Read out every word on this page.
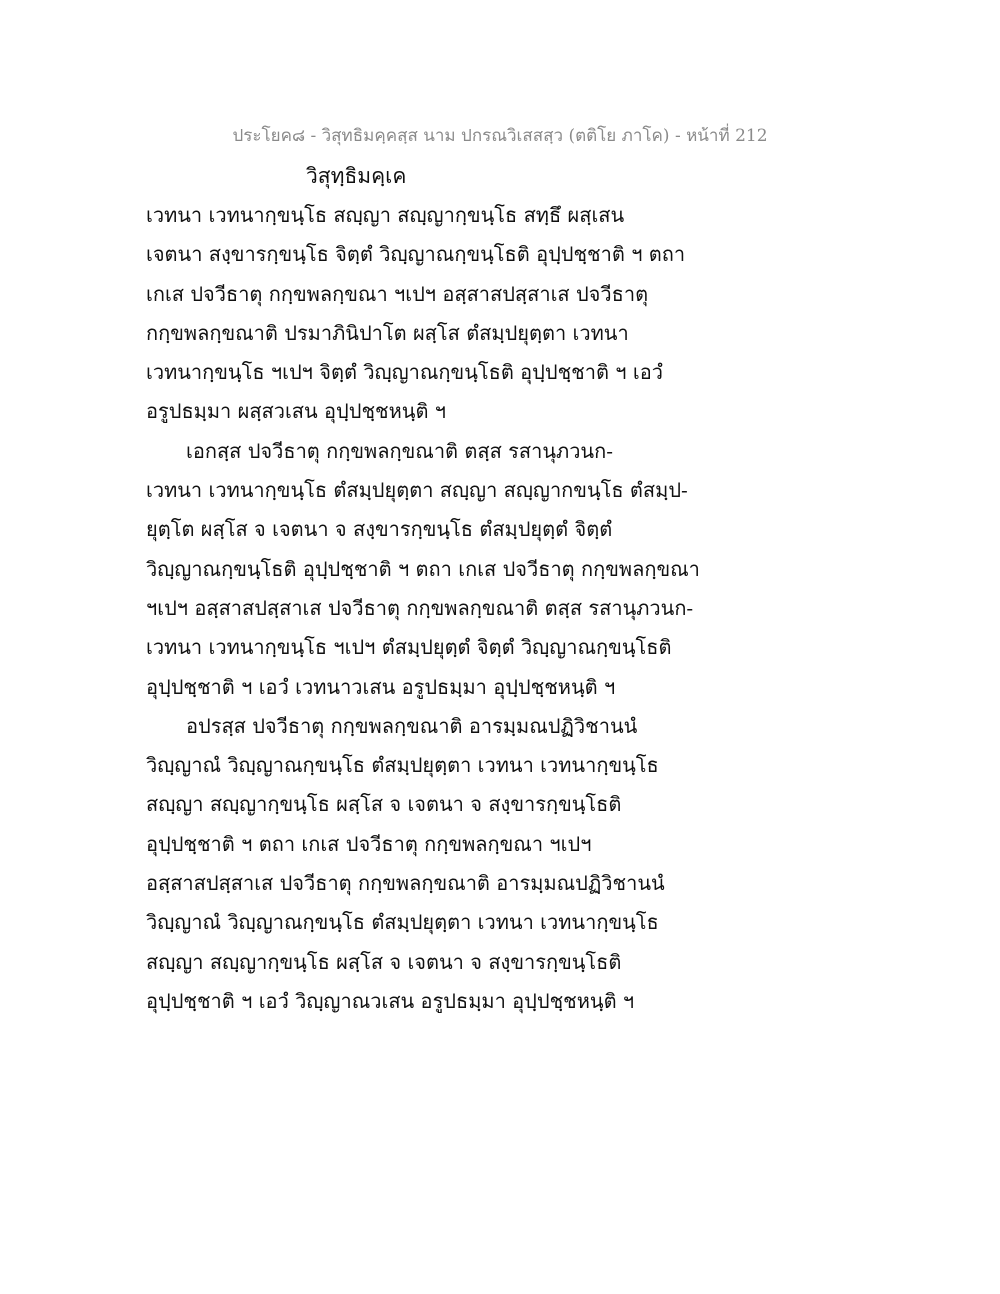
ประโยค๘ - วิสุทธิมคฺคสฺส นาม ปกรณวิเสสสฺว (ตติโย ภาโค) - หน้าที่ 212
วิสุทฺธิมคฺเค
เวทนา เวทนากฺขนฺโธ สญฺญา สญฺญากฺขนฺโธ สทฺธึ ผสฺเสน
เจตนา สงฺขารกฺขนฺโธ จิตฺตํ วิญฺญาณกฺขนฺโธติ อุปฺปชฺชาติ ฯ ตถา
เกเส ปจวีธาตุ กกฺขพลกฺขณา ฯเปฯ อสฺสาสปสฺสาเส ปจวีธาตุ
กกฺขพลกฺขณาติ ปรมาภินิปาโต ผสฺโส ตํสมฺปยุตฺตา เวทนา
เวทนากฺขนฺโธ ฯเปฯ จิตฺตํ วิญฺญาณกฺขนฺโธติ อุปฺปชฺชาติ ฯ เอวํ
อรูปธมฺมา ผสฺสวเสน อุปฺปชฺชหนฺติ ฯ
เอกสฺส ปจวีธาตุ กกฺขพลกฺขณาติ ตสฺส รสานุภวนก-
เวทนา เวทนากฺขนฺโธ ตํสมฺปยุตฺตา สญฺญา สญฺญากขนฺโธ ตํสมฺป-
ยุตฺโต ผสฺโส จ เจตนา จ สงฺขารกฺขนฺโธ ตํสมฺปยุตฺตํ จิตฺตํ
วิญฺญาณกฺขนฺโธติ อุปฺปชฺชาติ ฯ ตถา เกเส ปจวีธาตุ กกฺขพลกฺขณา
ฯเปฯ อสฺสาสปสฺสาเส ปจวีธาตุ กกฺขพลกฺขณาติ ตสฺส รสานุภวนก-
เวทนา เวทนากฺขนฺโธ ฯเปฯ ตํสมฺปยุตฺตํ จิตฺตํ วิญฺญาณกฺขนฺโธติ
อุปฺปชฺชาติ ฯ เอวํ เวทนาวเสน อรูปธมฺมา อุปฺปชฺชหนฺติ ฯ
อปรสฺส ปจวีธาตุ กกฺขพลกฺขณาติ อารมฺมณปฏิวิชานนํ
วิญฺญาณํ วิญฺญาณกฺขนฺโธ ตํสมฺปยุตฺตา เวทนา เวทนากฺขนฺโธ
สญฺญา สญฺญากฺขนฺโธ ผสฺโส จ เจตนา จ สงฺขารกฺขนฺโธติ
อุปฺปชฺชาติ ฯ ตถา เกเส ปจวีธาตุ กกฺขพลกฺขณา ฯเปฯ
อสฺสาสปสฺสาเส ปจวีธาตุ กกฺขพลกฺขณาติ อารมฺมณปฏิวิชานนํ
วิญฺญาณํ วิญฺญาณกฺขนฺโธ ตํสมฺปยุตฺตา เวทนา เวทนากฺขนฺโธ
สญฺญา สญฺญากฺขนฺโธ ผสฺโส จ เจตนา จ สงฺขารกฺขนฺโธติ
อุปฺปชฺชาติ ฯ เอวํ วิญฺญาณวเสน อรูปธมฺมา อุปฺปชฺชหนฺติ ฯ
